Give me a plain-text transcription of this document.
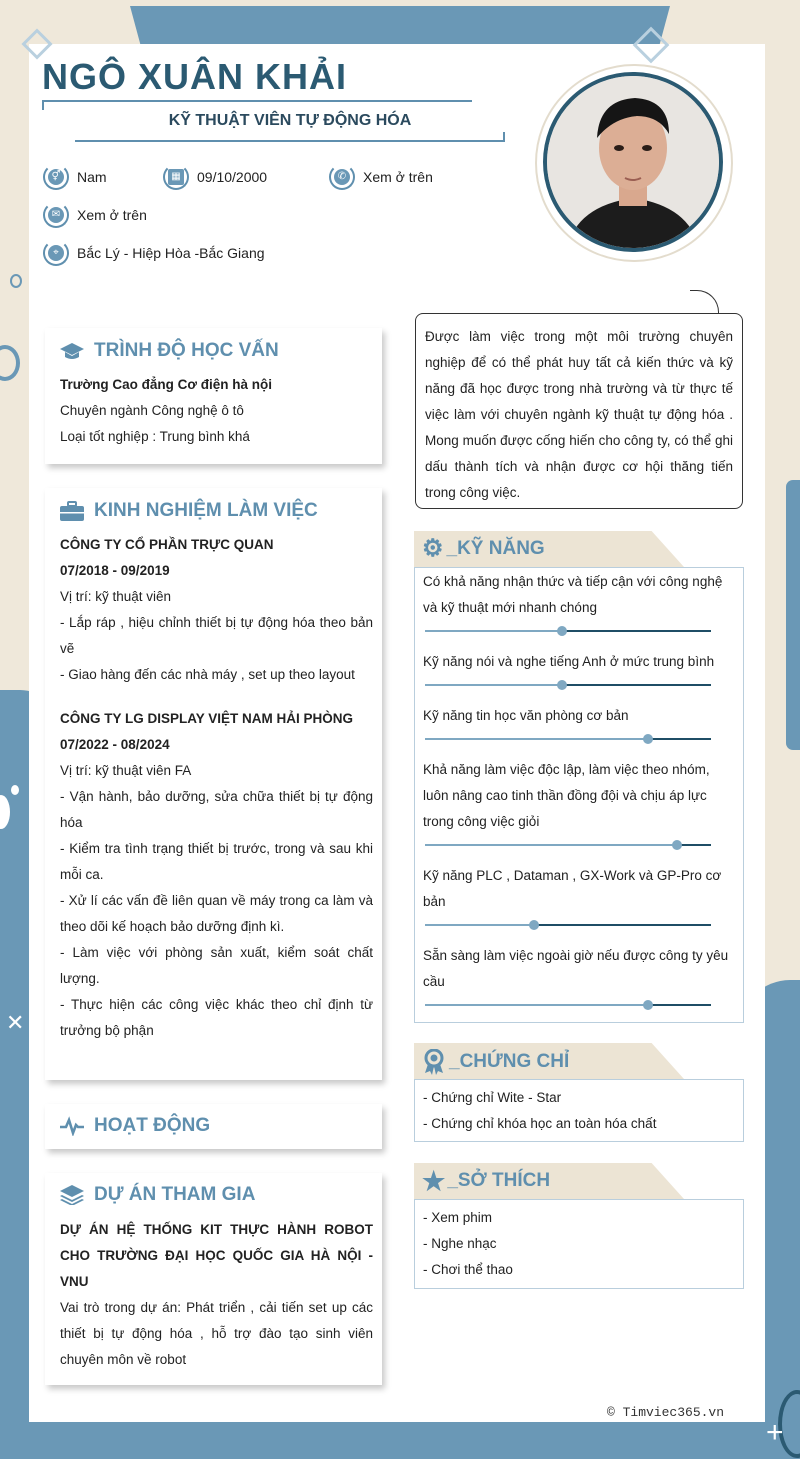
✕
+
NGÔ XUÂN KHẢI
KỸ THUẬT VIÊN TỰ ĐỘNG HÓA
⚥ Nam	▦ 09/10/2000	✆ Xem ở trên
✉ Xem ở trên
⌖	Bắc Lý - Hiệp Hòa -Bắc Giang
Được làm việc trong một môi trường chuyên nghiệp để có thể phát huy tất cả kiến thức và kỹ năng đã học được trong nhà trường và từ thực tế việc làm với chuyên ngành kỹ thuật tự động hóa . Mong muốn được cống hiến cho công ty, có thể ghi dấu thành tích và nhận được cơ hội thăng tiến trong công việc.
TRÌNH ĐỘ HỌC VẤN
Trường Cao đẳng Cơ điện hà nội
Chuyên ngành Công nghệ ô tô
Loại tốt nghiệp : Trung bình khá
KINH NGHIỆM LÀM VIỆC
CÔNG TY CỔ PHẦN TRỰC QUAN
07/2018 - 09/2019
Vị trí: kỹ thuật viên
- Lắp ráp , hiệu chỉnh thiết bị tự động hóa theo bản vẽ
- Giao hàng đến các nhà máy , set up theo layout
CÔNG TY LG DISPLAY VIỆT NAM HẢI PHÒNG
07/2022 - 08/2024
Vị trí: kỹ thuật viên FA
- Vận hành, bảo dưỡng, sửa chữa thiết bị tự động hóa
- Kiểm tra tình trạng thiết bị trước, trong và sau khi mỗi ca.
- Xử lí các vấn đề liên quan về máy trong ca làm và theo dõi kế hoạch bảo dưỡng định kì.
- Làm việc với phòng sản xuất, kiểm soát chất lượng.
- Thực hiện các công việc khác theo chỉ định từ trưởng bộ phận
HOẠT ĐỘNG
DỰ ÁN THAM GIA
DỰ ÁN HỆ THỐNG KIT THỰC HÀNH ROBOT CHO TRƯỜNG ĐẠI HỌC QUỐC GIA HÀ NỘI -VNU
Vai trò trong dự án: Phát triển , cải tiến set up các thiết bị tự động hóa , hỗ trợ đào tạo sinh viên chuyên môn về robot
⚙ _KỸ NĂNG
Có khả năng nhận thức và tiếp cận với công nghệ và kỹ thuật mới nhanh chóng
Kỹ năng nói và nghe tiếng Anh ở mức trung bình
Kỹ năng tin học văn phòng cơ bản
Khả năng làm việc độc lập, làm việc theo nhóm, luôn nâng cao tinh thần đồng đội và chịu áp lực trong công việc giỏi
Kỹ năng PLC , Dataman , GX-Work và GP-Pro cơ bản
Sẵn sàng làm việc ngoài giờ nếu được công ty yêu cầu
_CHỨNG CHỈ
- Chứng chỉ Wite - Star
- Chứng chỉ khóa học an toàn hóa chất
★ _SỞ THÍCH
- Xem phim
- Nghe nhạc
- Chơi thể thao
© Timviec365.vn
